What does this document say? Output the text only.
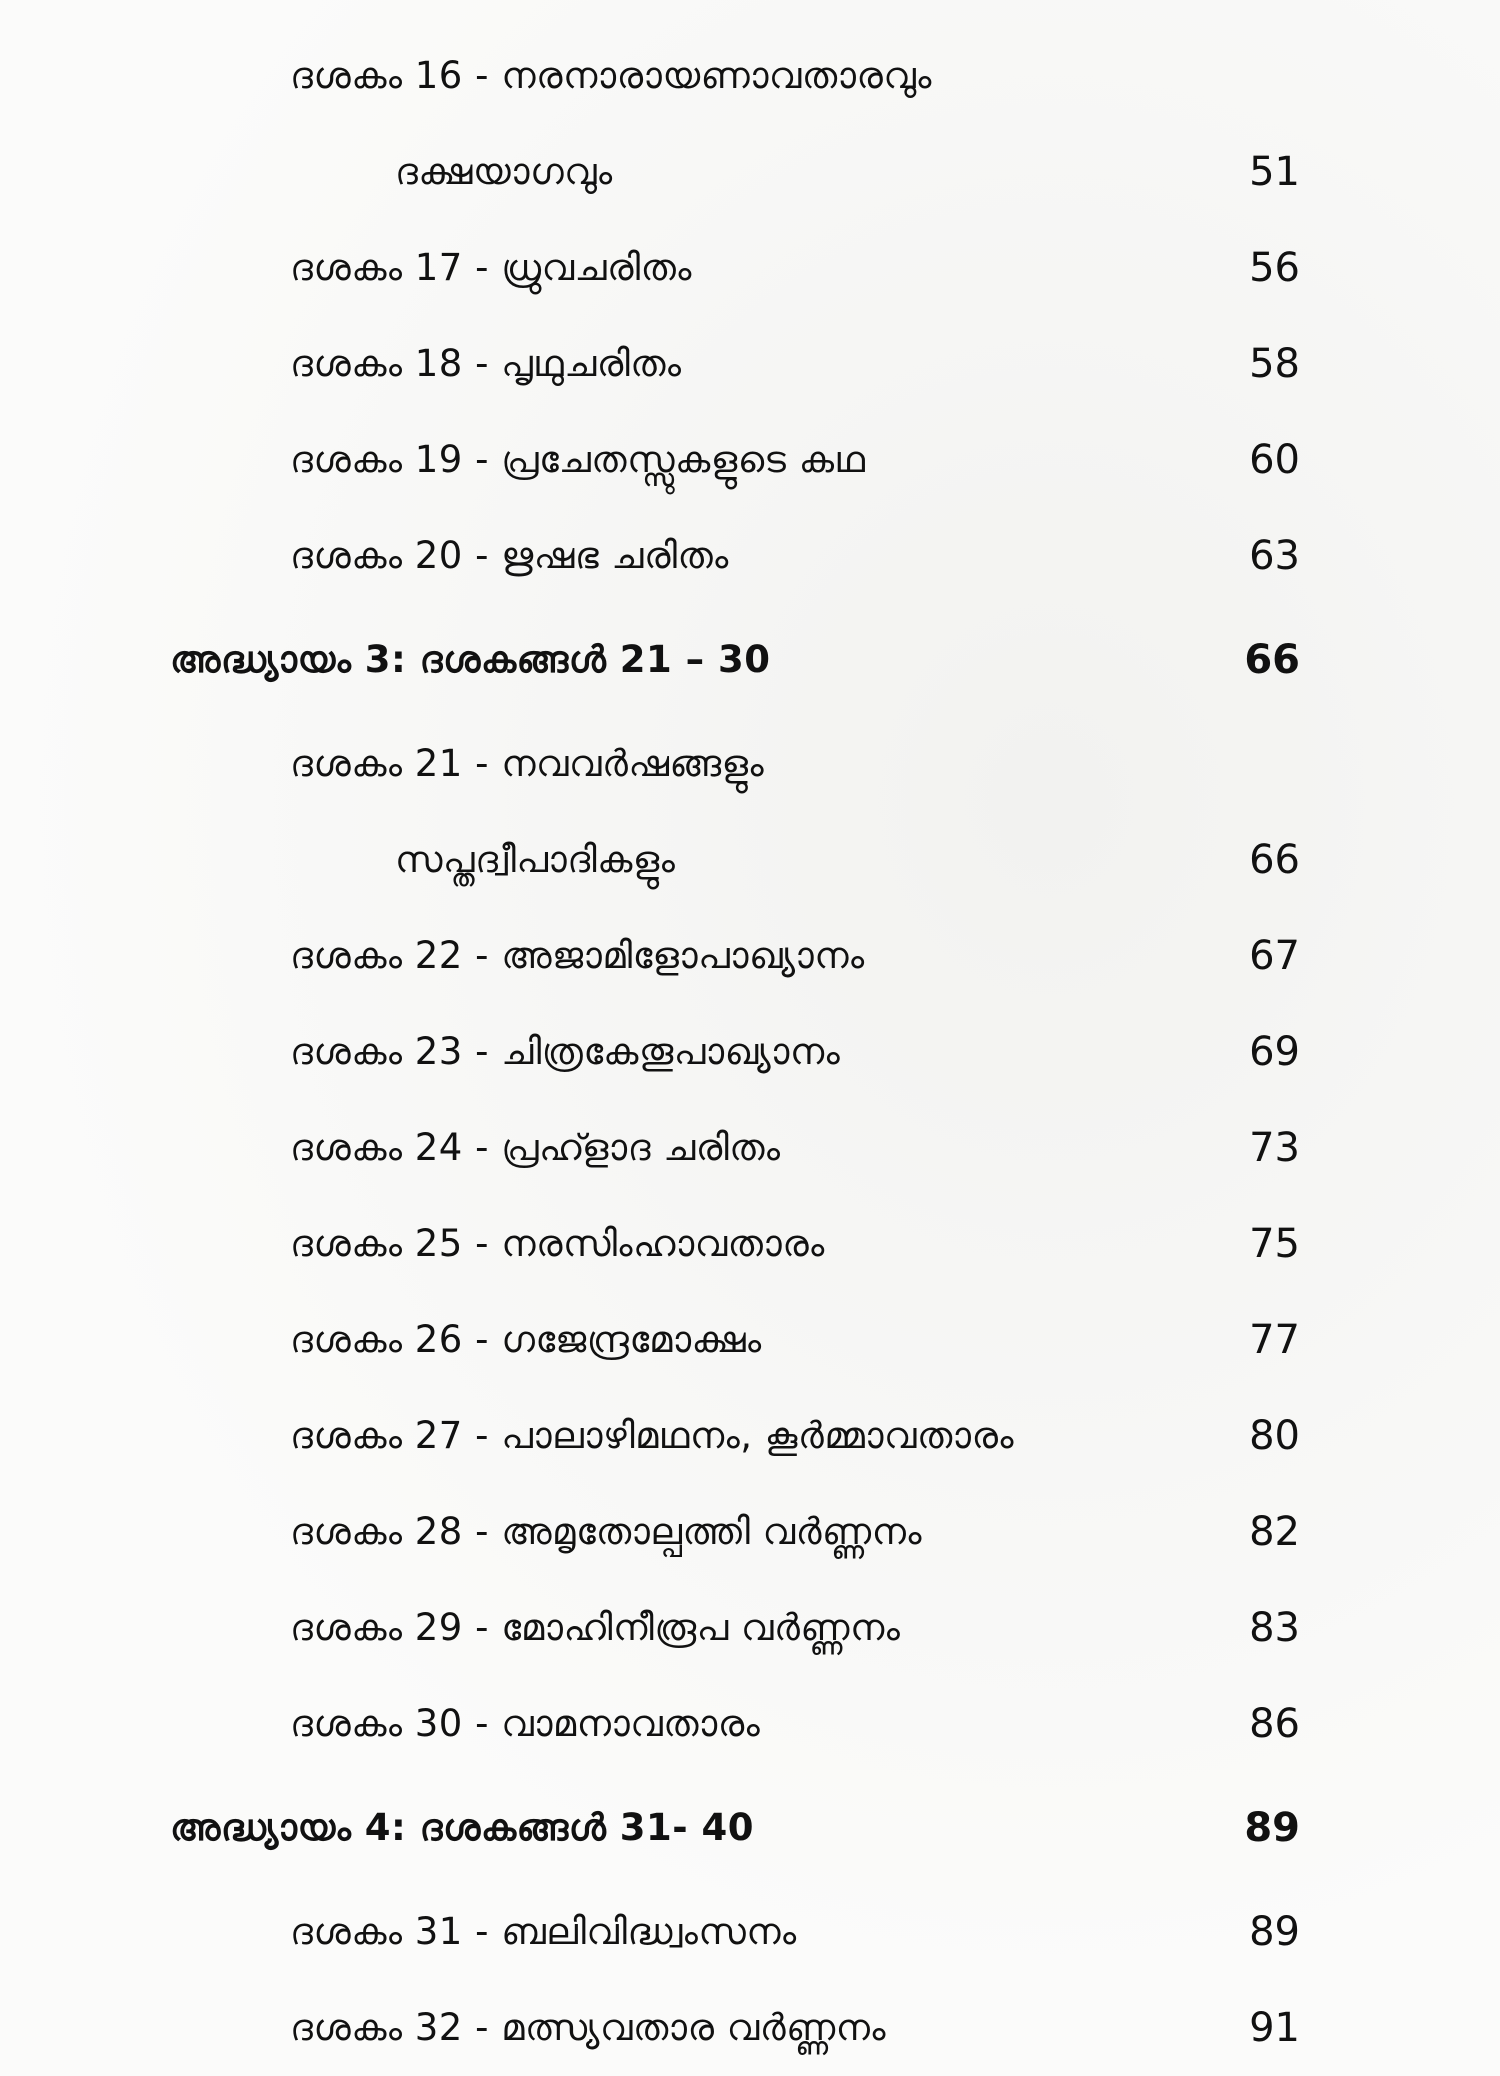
ദശകം 16 - നരനാരായണാവതാരവും
ദക്ഷയാഗവും	51
ദശകം 17 - ധ്രുവചരിതം	56
ദശകം 18 - പൃഥുചരിതം	58
ദശകം 19 - പ്രചേതസ്സുകളുടെ കഥ	60
ദശകം 20 - ഋഷഭ ചരിതം	63
അദ്ധ്യായം 3: ദശകങ്ങൾ 21 – 30	66
ദശകം 21 - നവവർഷങ്ങളും
സപ്തദ്വീപാദികളും	66
ദശകം 22 - അജാമിളോപാഖ്യാനം	67
ദശകം 23 - ചിത്രകേതൂപാഖ്യാനം	69
ദശകം 24 - പ്രഹ്ളാദ ചരിതം	73
ദശകം 25 - നരസിംഹാവതാരം	75
ദശകം 26 - ഗജേന്ദ്രമോക്ഷം	77
ദശകം 27 - പാലാഴിമഥനം, കൂർമ്മാവതാരം	80
ദശകം 28 - അമൃതോല്പത്തി വർണ്ണനം	82
ദശകം 29 - മോഹിനീരൂപ വർണ്ണനം	83
ദശകം 30 - വാമനാവതാരം	86
അദ്ധ്യായം 4: ദശകങ്ങൾ 31- 40	89
ദശകം 31 - ബലിവിദ്ധ്വംസനം	89
ദശകം 32 - മത്സ്യവതാര വർണ്ണനം	91
